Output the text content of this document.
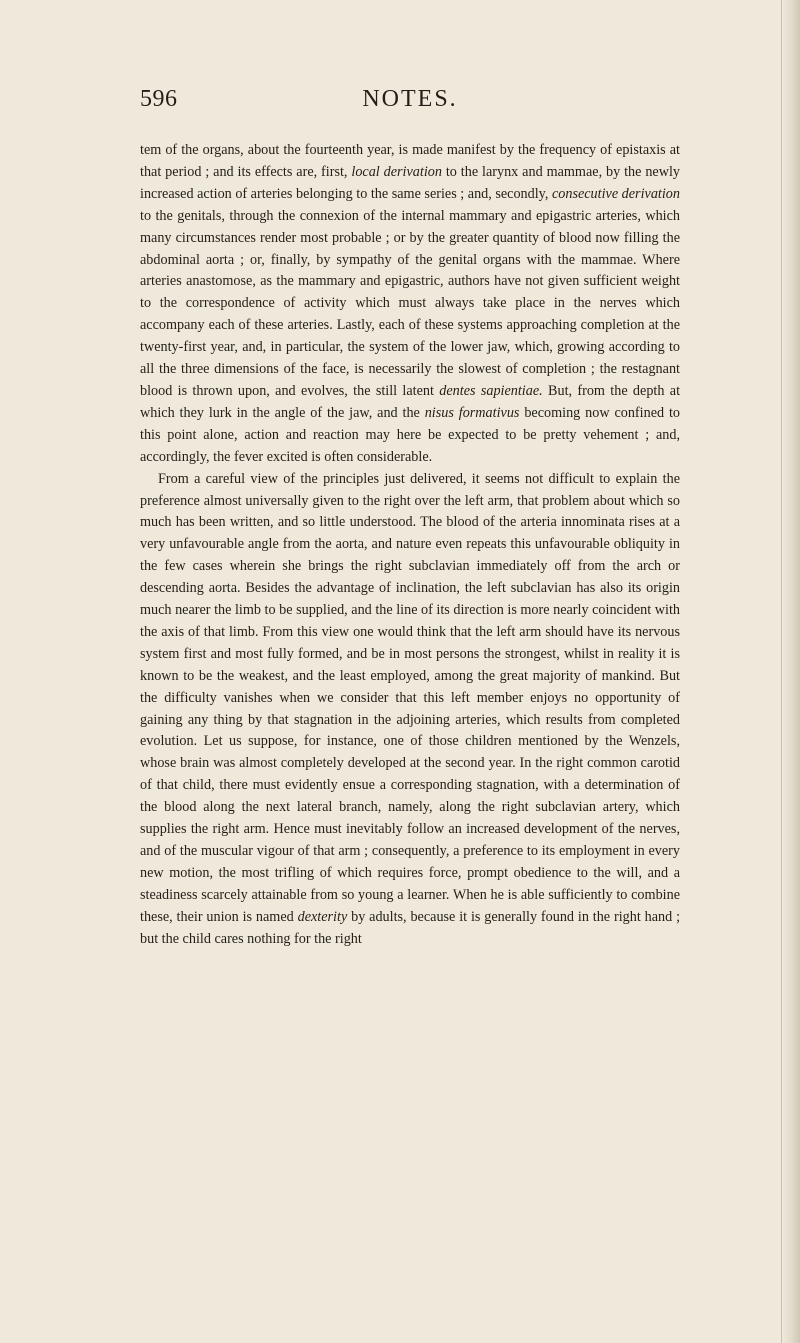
596	NOTES.

tem of the organs, about the fourteenth year, is made manifest by the frequency of epistaxis at that period ; and its effects are, first, local derivation to the larynx and mammae, by the newly increased action of arteries belonging to the same series ; and, secondly, consecutive derivation to the genitals, through the connexion of the internal mammary and epigastric arteries, which many circumstances render most probable ; or by the greater quantity of blood now filling the abdominal aorta ; or, finally, by sympathy of the genital organs with the mammae. Where arteries anastomose, as the mammary and epigastric, authors have not given sufficient weight to the correspondence of activity which must always take place in the nerves which accompany each of these arteries. Lastly, each of these systems approaching completion at the twenty-first year, and, in particular, the system of the lower jaw, which, growing according to all the three dimensions of the face, is necessarily the slowest of completion ; the restagnant blood is thrown upon, and evolves, the still latent dentes sapientiae. But, from the depth at which they lurk in the angle of the jaw, and the nisus formativus becoming now confined to this point alone, action and reaction may here be expected to be pretty vehement ; and, accordingly, the fever excited is often considerable.

From a careful view of the principles just delivered, it seems not difficult to explain the preference almost universally given to the right over the left arm, that problem about which so much has been written, and so little understood. The blood of the arteria innominata rises at a very unfavourable angle from the aorta, and nature even repeats this unfavourable obliquity in the few cases wherein she brings the right subclavian immediately off from the arch or descending aorta. Besides the advantage of inclination, the left subclavian has also its origin much nearer the limb to be supplied, and the line of its direction is more nearly coincident with the axis of that limb. From this view one would think that the left arm should have its nervous system first and most fully formed, and be in most persons the strongest, whilst in reality it is known to be the weakest, and the least employed, among the great majority of mankind. But the difficulty vanishes when we consider that this left member enjoys no opportunity of gaining any thing by that stagnation in the adjoining arteries, which results from completed evolution. Let us suppose, for instance, one of those children mentioned by the Wenzels, whose brain was almost completely developed at the second year. In the right common carotid of that child, there must evidently ensue a corresponding stagnation, with a determination of the blood along the next lateral branch, namely, along the right subclavian artery, which supplies the right arm. Hence must inevitably follow an increased development of the nerves, and of the muscular vigour of that arm ; consequently, a preference to its employment in every new motion, the most trifling of which requires force, prompt obedience to the will, and a steadiness scarcely attainable from so young a learner. When he is able sufficiently to combine these, their union is named dexterity by adults, because it is generally found in the right hand ; but the child cares nothing for the right
